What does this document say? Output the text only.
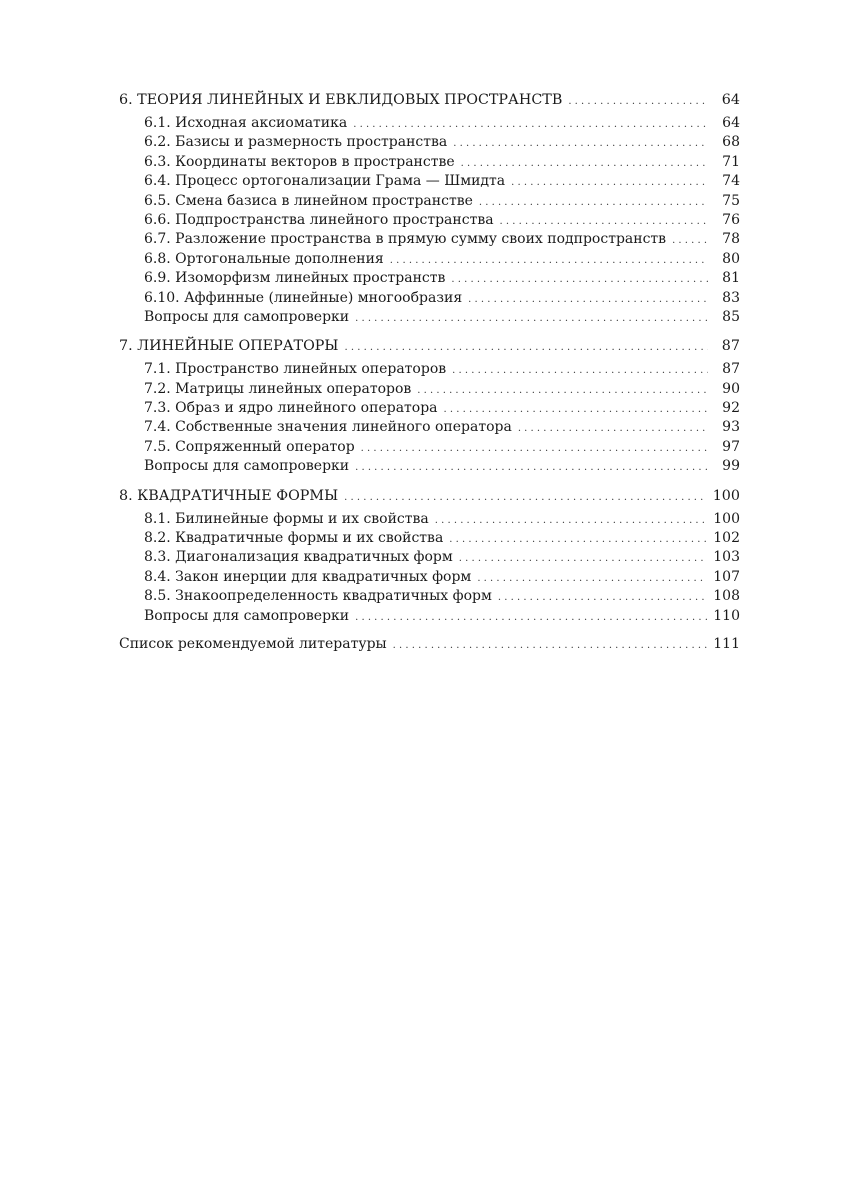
6. ТЕОРИЯ ЛИНЕЙНЫХ И ЕВКЛИДОВЫХ ПРОСТРАНСТВ . . .	64
6.1. Исходная аксиоматика . . .	64
6.2. Базисы и размерность пространства . . .	68
6.3. Координаты векторов в пространстве . . .	71
6.4. Процесс ортогонализации Грама — Шмидта . . .	74
6.5. Смена базиса в линейном пространстве . . .	75
6.6. Подпространства линейного пространства . . .	76
6.7. Разложение пространства в прямую сумму своих подпространств . . .	78
6.8. Ортогональные дополнения . . .	80
6.9. Изоморфизм линейных пространств . . .	81
6.10. Аффинные (линейные) многообразия . . .	83
Вопросы для самопроверки . . .	85
7. ЛИНЕЙНЫЕ ОПЕРАТОРЫ . . .	87
7.1. Пространство линейных операторов . . .	87
7.2. Матрицы линейных операторов . . .	90
7.3. Образ и ядро линейного оператора . . .	92
7.4. Собственные значения линейного оператора . . .	93
7.5. Сопряженный оператор . . .	97
Вопросы для самопроверки . . .	99
8. КВАДРАТИЧНЫЕ ФОРМЫ . . .	100
8.1. Билинейные формы и их свойства . . .	100
8.2. Квадратичные формы и их свойства . . .	102
8.3. Диагонализация квадратичных форм . . .	103
8.4. Закон инерции для квадратичных форм . . .	107
8.5. Знакоопределенность квадратичных форм . . .	108
Вопросы для самопроверки . . .	110
Список рекомендуемой литературы . . .	111
